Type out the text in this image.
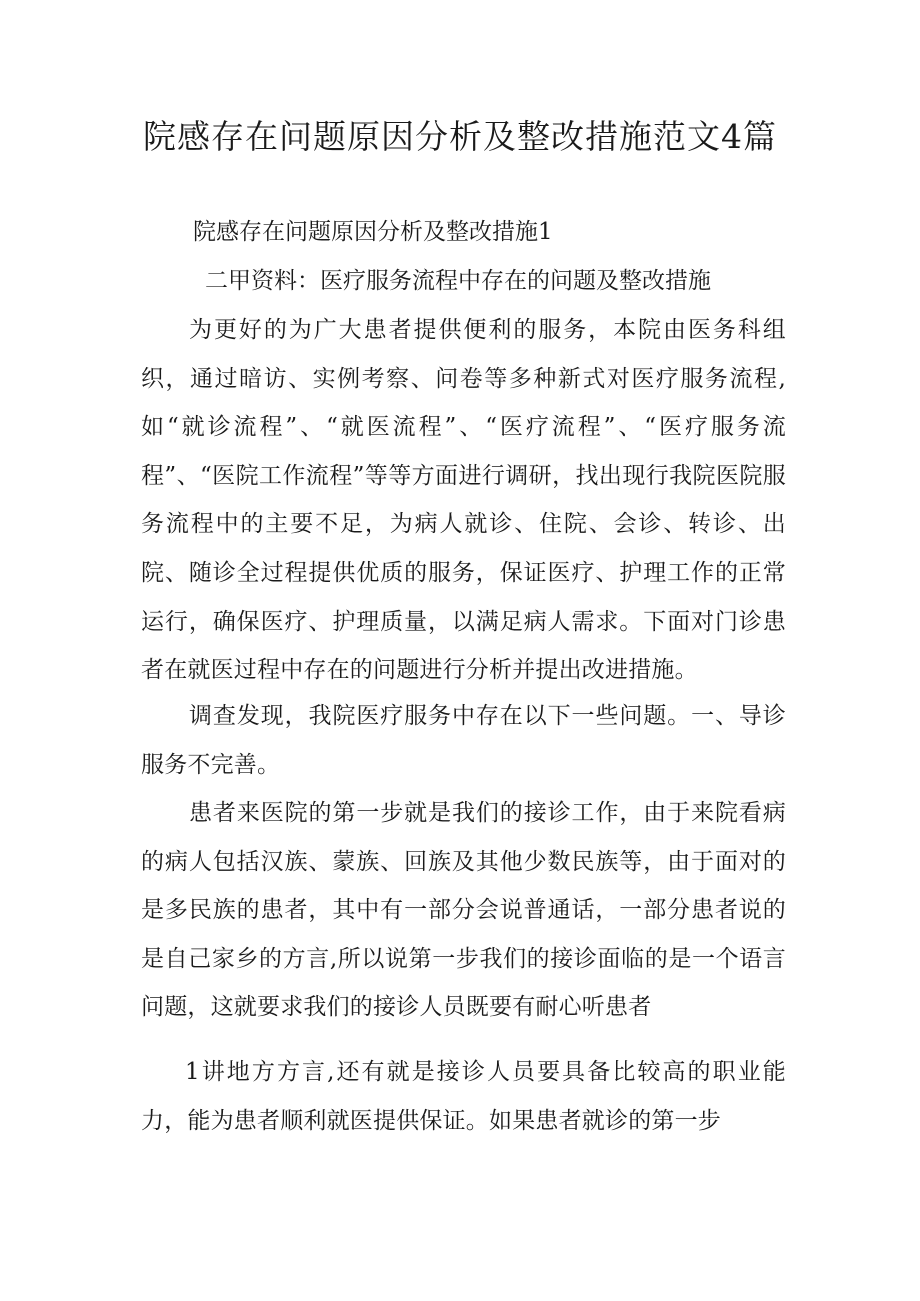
院感存在问题原因分析及整改措施范文4篇

院感存在问题原因分析及整改措施1

二甲资料：医疗服务流程中存在的问题及整改措施

为更好的为广大患者提供便利的服务，本院由医务科组织，通过暗访、实例考察、问卷等多种新式对医疗服务流程,如“就诊流程”、“就医流程”、“医疗流程”、“医疗服务流程”、“医院工作流程”等等方面进行调研，找出现行我院医院服务流程中的主要不足，为病人就诊、住院、会诊、转诊、出院、随诊全过程提供优质的服务，保证医疗、护理工作的正常运行，确保医疗、护理质量，以满足病人需求。下面对门诊患者在就医过程中存在的问题进行分析并提出改进措施。

调查发现，我院医疗服务中存在以下一些问题。一、导诊服务不完善。

患者来医院的第一步就是我们的接诊工作，由于来院看病的病人包括汉族、蒙族、回族及其他少数民族等，由于面对的是多民族的患者，其中有一部分会说普通话，一部分患者说的是自己家乡的方言,所以说第一步我们的接诊面临的是一个语言问题，这就要求我们的接诊人员既要有耐心听患者

1讲地方方言,还有就是接诊人员要具备比较高的职业能力，能为患者顺利就医提供保证。如果患者就诊的第一步
